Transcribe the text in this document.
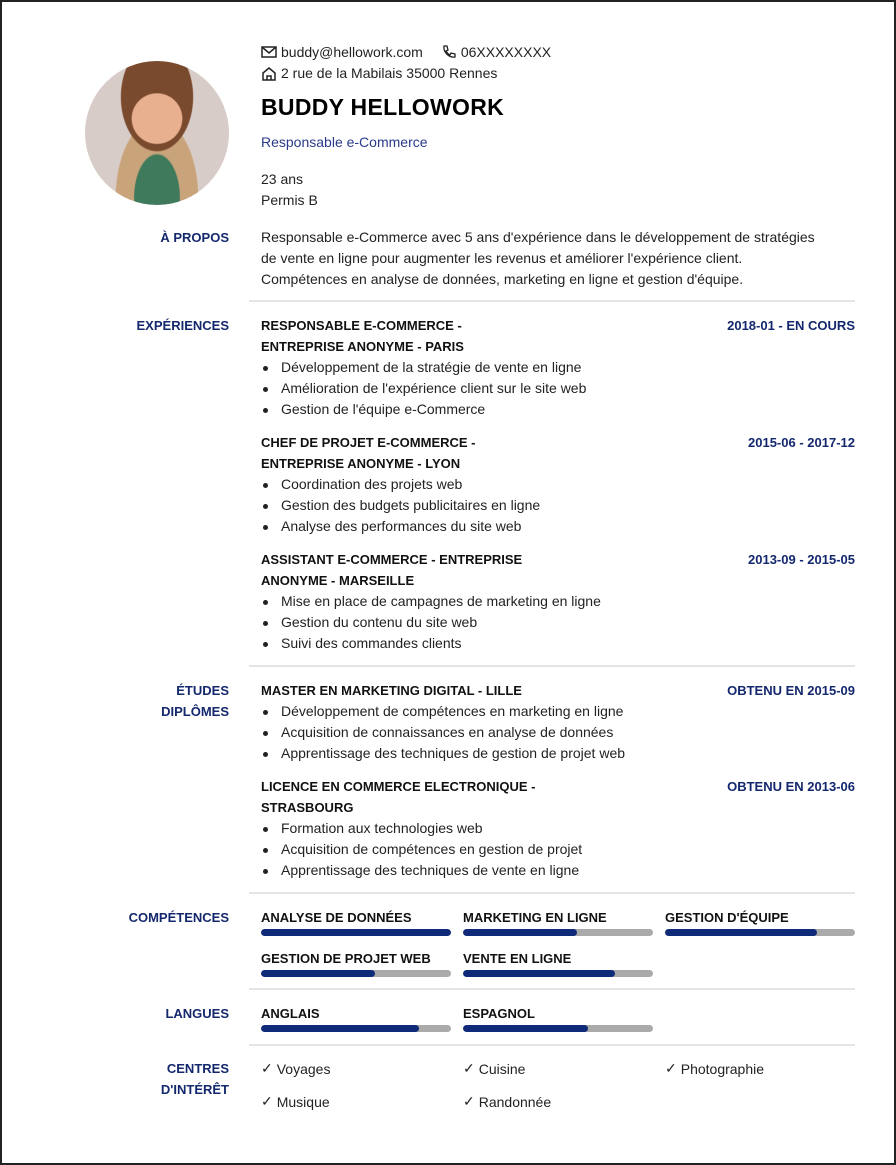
buddy@hellowork.com	06XXXXXXXX
2 rue de la Mabilais 35000 Rennes
BUDDY HELLOWORK
Responsable e-Commerce
23 ans
Permis B
À PROPOS Responsable e-Commerce avec 5 ans d'expérience dans le développement de stratégies
de vente en ligne pour augmenter les revenus et améliorer l'expérience client.
Compétences en analyse de données, marketing en ligne et gestion d'équipe.
EXPÉRIENCES RESPONSABLE E-COMMERCE -
ENTREPRISE ANONYME - PARIS
2018-01 - EN COURS
Développement de la stratégie de vente en ligne
Amélioration de l'expérience client sur le site web
Gestion de l'équipe e-Commerce
CHEF DE PROJET E-COMMERCE -
ENTREPRISE ANONYME - LYON
2015-06 - 2017-12
Coordination des projets web
Gestion des budgets publicitaires en ligne
Analyse des performances du site web
ASSISTANT E-COMMERCE - ENTREPRISE
ANONYME - MARSEILLE
2013-09 - 2015-05
Mise en place de campagnes de marketing en ligne
Gestion du contenu du site web
Suivi des commandes clients
ÉTUDES
DIPLÔMES
MASTER EN MARKETING DIGITAL - LILLE	OBTENU EN 2015-09
Développement de compétences en marketing en ligne
Acquisition de connaissances en analyse de données
Apprentissage des techniques de gestion de projet web
LICENCE EN COMMERCE ELECTRONIQUE -
STRASBOURG
OBTENU EN 2013-06
Formation aux technologies web
Acquisition de compétences en gestion de projet
Apprentissage des techniques de vente en ligne
COMPÉTENCES ANALYSE DE DONNÉES	MARKETING EN LIGNE	GESTION D'ÉQUIPE
GESTION DE PROJET WEB	VENTE EN LIGNE
LANGUES ANGLAIS	ESPAGNOL
CENTRES
D'INTÉRÊT
✓ Voyages	✓ Cuisine	✓ Photographie
✓ Musique	✓ Randonnée
